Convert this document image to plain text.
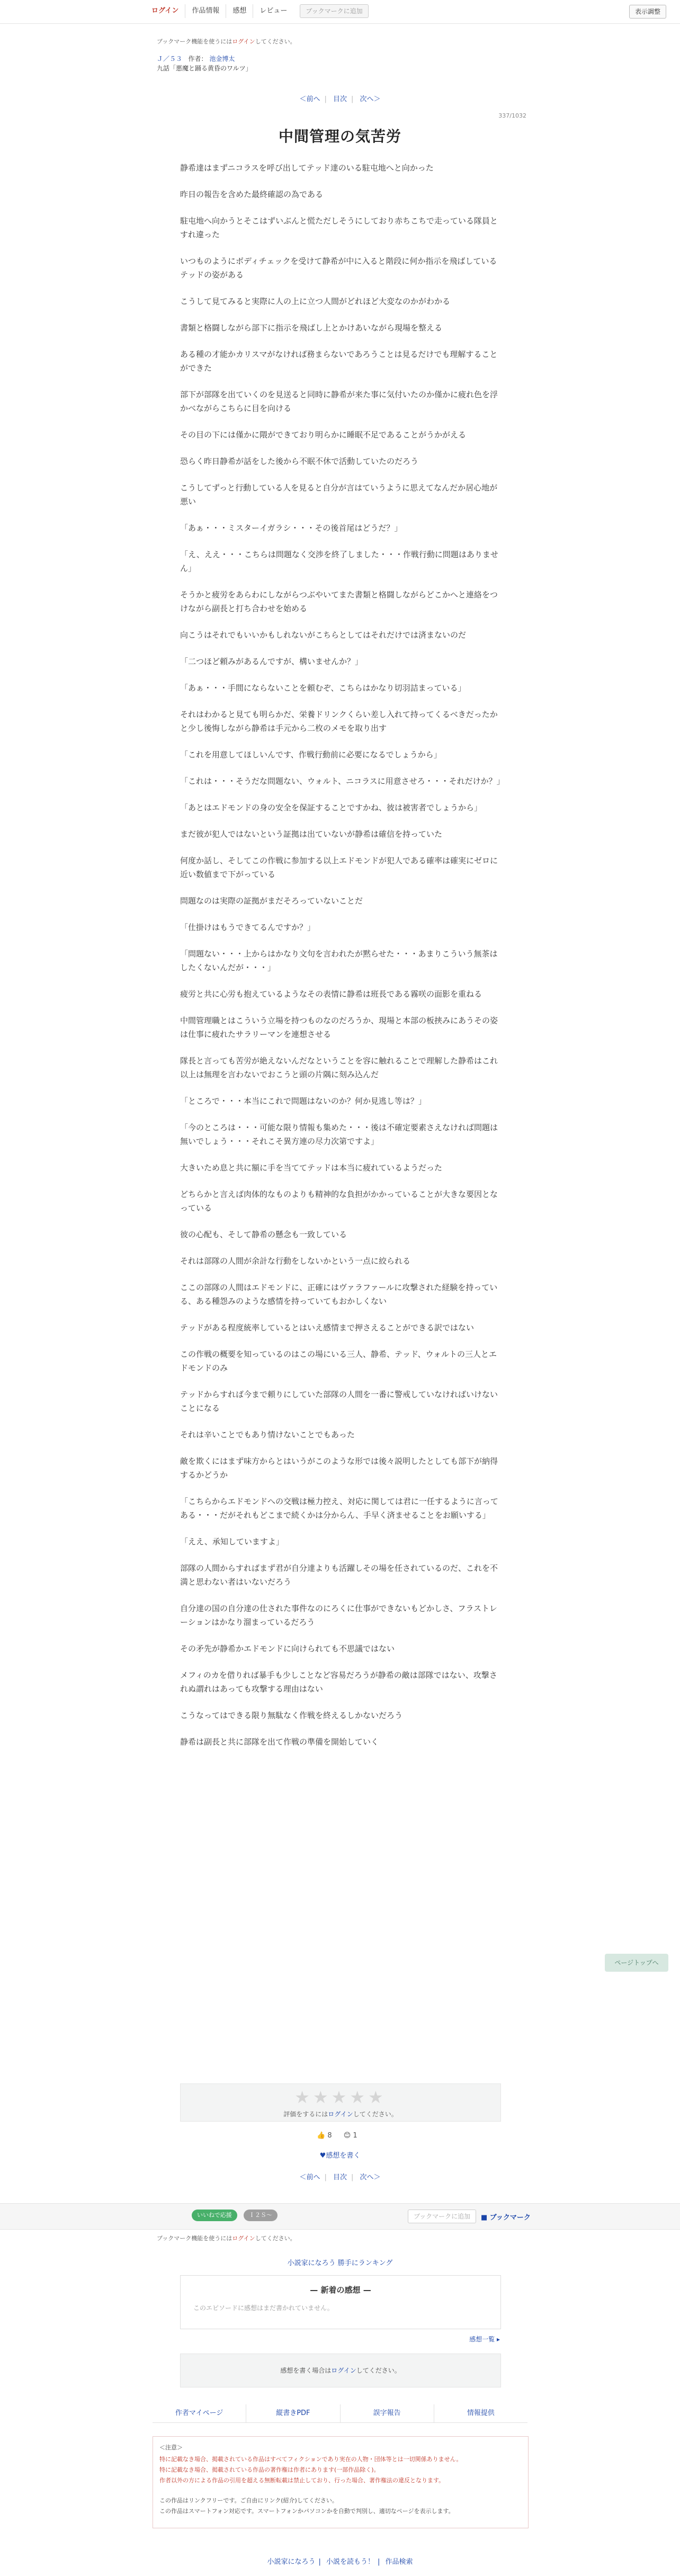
ログイン	作品情報	感想	レビュー	ブックマークに追加	表示調整
ブックマーク機能を使うにはログインしてください。
Ｊ／５３ 作者： 池金博太
九話「悪魔と踊る黄昏のワルツ」
＜前へ | 目次 | 次へ＞
337/1032
中間管理の気苦労

静希達はまずニコラスを呼び出してテッド達のいる駐屯地へと向かった

昨日の報告を含めた最終確認の為である

駐屯地へ向かうとそこはずいぶんと慌ただしそうにしており赤ちこちで走っている隊員とすれ違った

いつものようにボディチェックを受けて静希が中に入ると階段に何か指示を飛ばしているテッドの姿がある

こうして見てみると実際に人の上に立つ人間がどれほど大変なのかがわかる

書類と格闘しながら部下に指示を飛ばし上とかけあいながら現場を整える

ある種の才能かカリスマがなければ務まらないであろうことは見るだけでも理解することができた

部下が部隊を出ていくのを見送ると同時に静希が来た事に気付いたのか僅かに疲れ色を浮かべながらこちらに目を向ける

その目の下には僅かに隈ができており明らかに睡眠不足であることがうかがえる

恐らく昨日静希が話をした後から不眠不休で活動していたのだろう

こうしてずっと行動している人を見ると自分が言はていうように思えてなんだか居心地が悪い

「あぁ・・・ミスターイガラシ・・・その後首尾はどうだ？」

「え、ええ・・・こちらは問題なく交渉を終了しました・・・作戦行動に問題はありません」

そうかと疲労をあらわにしながらつぶやいてまた書類と格闘しながらどこかへと連絡をつけながら副長と打ち合わせを始める

向こうはそれでもいいかもしれないがこちらとしてはそれだけでは済まないのだ

「二つほど頼みがあるんですが、構いませんか？」

「あぁ・・・手間にならないことを頼むぞ、こちらはかなり切羽詰まっている」

それはわかると見ても明らかだ、栄養ドリンクくらい差し入れて持ってくるべきだったかと少し後悔しながら静希は手元から二枚のメモを取り出す

「これを用意してほしいんです、作戦行動前に必要になるでしょうから」

「これは・・・そうだな問題ない、ウォルト、ニコラスに用意させろ・・・それだけか？」

「あとはエドモンドの身の安全を保証することですかね、彼は被害者でしょうから」

まだ彼が犯人ではないという証拠は出ていないが静希は確信を持っていた

何度か話し、そしてこの作戦に参加する以上エドモンドが犯人である確率は確実にゼロに近い数値まで下がっている

問題なのは実際の証拠がまだそろっていないことだ

「仕掛けはもうできてるんですか？」

「問題ない・・・上からはかなり文句を言われたが黙らせた・・・あまりこういう無茶はしたくないんだが・・・」

疲労と共に心労も抱えているようなその表情に静希は班長である霧咲の面影を重ねる

中間管理職とはこういう立場を持つものなのだろうか、現場と本部の板挟みにあうその姿は仕事に疲れたサラリーマンを連想させる

隊長と言っても苦労が絶えないんだなということを容に触れることで理解した静希はこれ以上は無理を言わないでおこうと頭の片隅に刻み込んだ

「ところで・・・本当にこれで問題はないのか？何か見逃し等は？」

「今のところは・・・可能な限り情報も集めた・・・後は不確定要素さえなければ問題は無いでしょう・・・それこそ異方連の尽力次第ですよ」

大きいため息と共に額に手を当ててテッドは本当に疲れているようだった

どちらかと言えば肉体的なものよりも精神的な負担がかかっていることが大きな要因となっている

彼の心配も、そして静希の懸念も一致している

それは部隊の人間が余計な行動をしないかという一点に絞られる

ここの部隊の人間はエドモンドに、正確にはヴァラファールに攻撃された経験を持っている、ある種怨みのような感情を持っていてもおかしくない

テッドがある程度統率しているとはいえ感情まで押さえることができる訳ではない

この作戦の概要を知っているのはこの場にいる三人、静希、テッド、ウォルトの三人とエドモンドのみ

テッドからすれば今まで頼りにしていた部隊の人間を一番に警戒していなければいけないことになる

それは辛いことでもあり情けないことでもあった

敵を欺くにはまず味方からとはいうがこのような形では後々説明したとしても部下が納得するかどうか

「こちらからエドモンドへの交戦は極力控え、対応に関しては君に一任するように言ってある・・・だがそれもどこまで続くかは分からん、手早く済ませることをお願いする」

「ええ、承知していますよ」

部隊の人間からすればまず君が自分達よりも活躍しその場を任されているのだ、これを不満と思わない者はいないだろう

自分達の国の自分達の仕された事件なのにろくに仕事ができないもどかしさ、フラストレーションはかなり溜まっているだろう

その矛先が静希かエドモンドに向けられても不思議ではない

メフィのカを借りれば暴手も少しことなど容易だろうが静希の敵は部隊ではない、攻撃されぬ謂れはあっても攻撃する理由はない

こうなってはできる限り無駄なく作戦を終えるしかないだろう

静希は副長と共に部隊を出て作戦の準備を開始していく

ページトップへ
★★★★★
評価をするにはログインしてください。
👍 8 😊 1
♥感想を書く
＜前へ | 目次 | 次へ＞
いいねで応援	Ｉ２Ｓ〜	ブックマークに追加	■ ブックマーク
ブックマーク機能を使うにはログインしてください。
小説家になろう 勝手にランキング
— 新着の感想 —
このエピソードに感想はまだ書かれていません。
感想一覧 ▸
感想を書く場合はログインしてください。
作者マイページ	縦書きPDF	誤字報告	情報提供
＜注意＞
特に記載なき場合、掲載されている作品はすべてフィクションであり実在の人物・団体等とは一切関係ありません。
特に記載なき場合、掲載されている作品の著作権は作者にあります(一部作品除く)。
作者以外の方による作品の引用を超える無断転載は禁止しており、行った場合、著作権法の違反となります。
この作品はリンクフリーです。ご自由にリンク(紹介)してください。
この作品はスマートフォン対応です。スマートフォンかパソコンかを自動で判別し、適切なページを表示します。
小説家になろう | 小説を読もう！ | 作品検索
